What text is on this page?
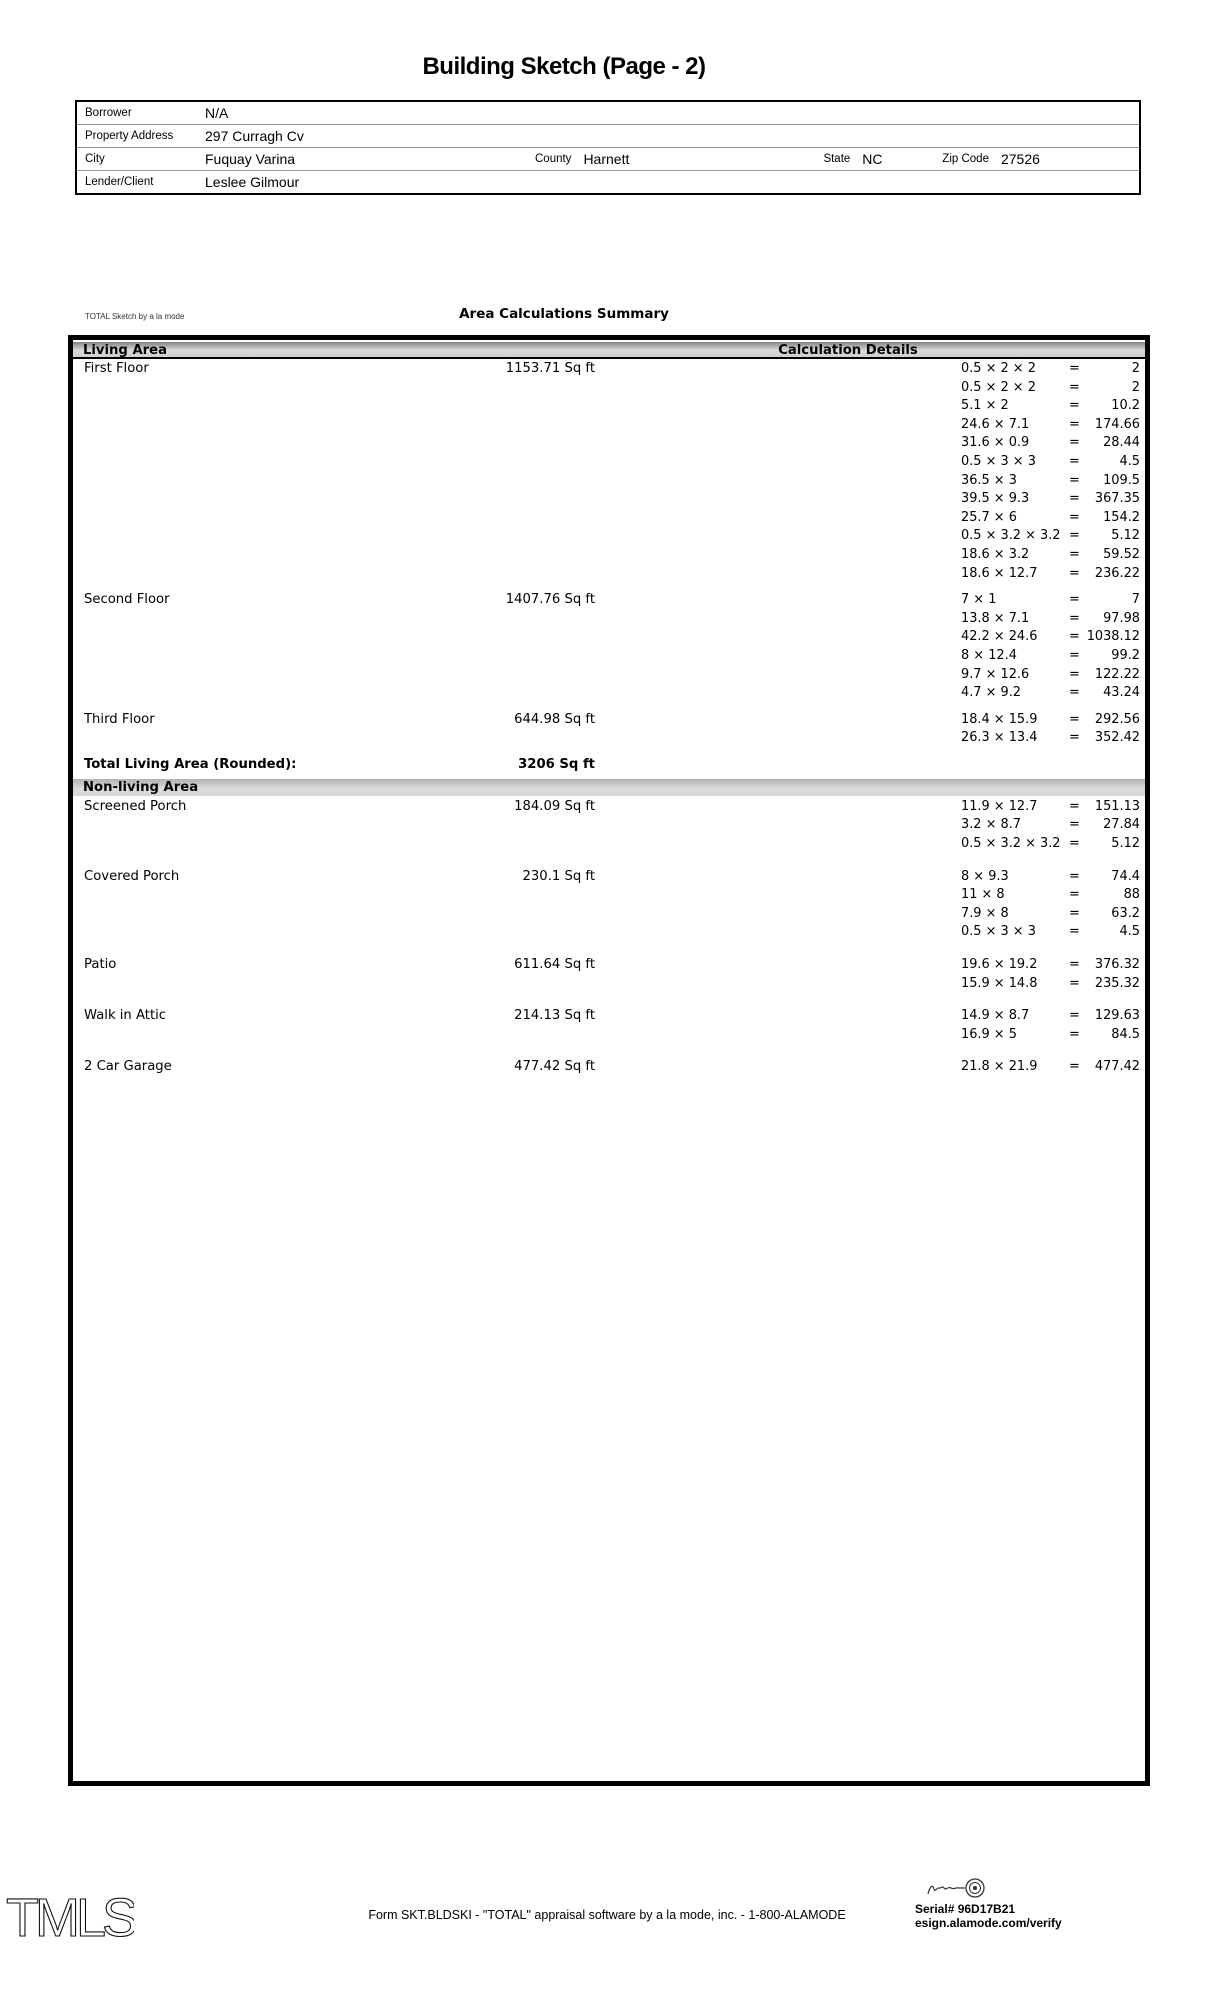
Building Sketch (Page - 2)
Borrower	N/A
Property Address	297 Curragh Cv
City	Fuquay Varina	County Harnett	State NC	Zip Code 27526
Lender/Client	Leslee Gilmour
TOTAL Sketch by a la mode	Area Calculations Summary
Living Area	Calculation Details
First Floor	1153.71 Sq ft	0.5 × 2 × 2	=	2
0.5 × 2 × 2	=	2
5.1 × 2	=	10.2
24.6 × 7.1	=	174.66
31.6 × 0.9	=	28.44
0.5 × 3 × 3	=	4.5
36.5 × 3	=	109.5
39.5 × 9.3	=	367.35
25.7 × 6	=	154.2
0.5 × 3.2 × 3.2 =	5.12
18.6 × 3.2	=	59.52
18.6 × 12.7	=	236.22
Second Floor	1407.76 Sq ft	7 × 1	=	7
13.8 × 7.1	=	97.98
42.2 × 24.6	= 1038.12
8 × 12.4	=	99.2
9.7 × 12.6	=	122.22
4.7 × 9.2	=	43.24
Third Floor	644.98 Sq ft	18.4 × 15.9	=	292.56
26.3 × 13.4	=	352.42
Total Living Area (Rounded):	3206 Sq ft
Non-living Area
Screened Porch	184.09 Sq ft	11.9 × 12.7	=	151.13
3.2 × 8.7	=	27.84
0.5 × 3.2 × 3.2 =	5.12
Covered Porch	230.1 Sq ft	8 × 9.3	=	74.4
11 × 8	=	88
7.9 × 8	=	63.2
0.5 × 3 × 3	=	4.5
Patio	611.64 Sq ft	19.6 × 19.2	=	376.32
15.9 × 14.8	=	235.32
Walk in Attic	214.13 Sq ft	14.9 × 8.7	=	129.63
16.9 × 5	=	84.5
2 Car Garage	477.42 Sq ft	21.8 × 21.9	=	477.42
TMLS	Form SKT.BLDSKI - "TOTAL" appraisal software by a la mode, inc. - 1-800-ALAMODE	Serial# 96D17B21
esign.alamode.com/verify
